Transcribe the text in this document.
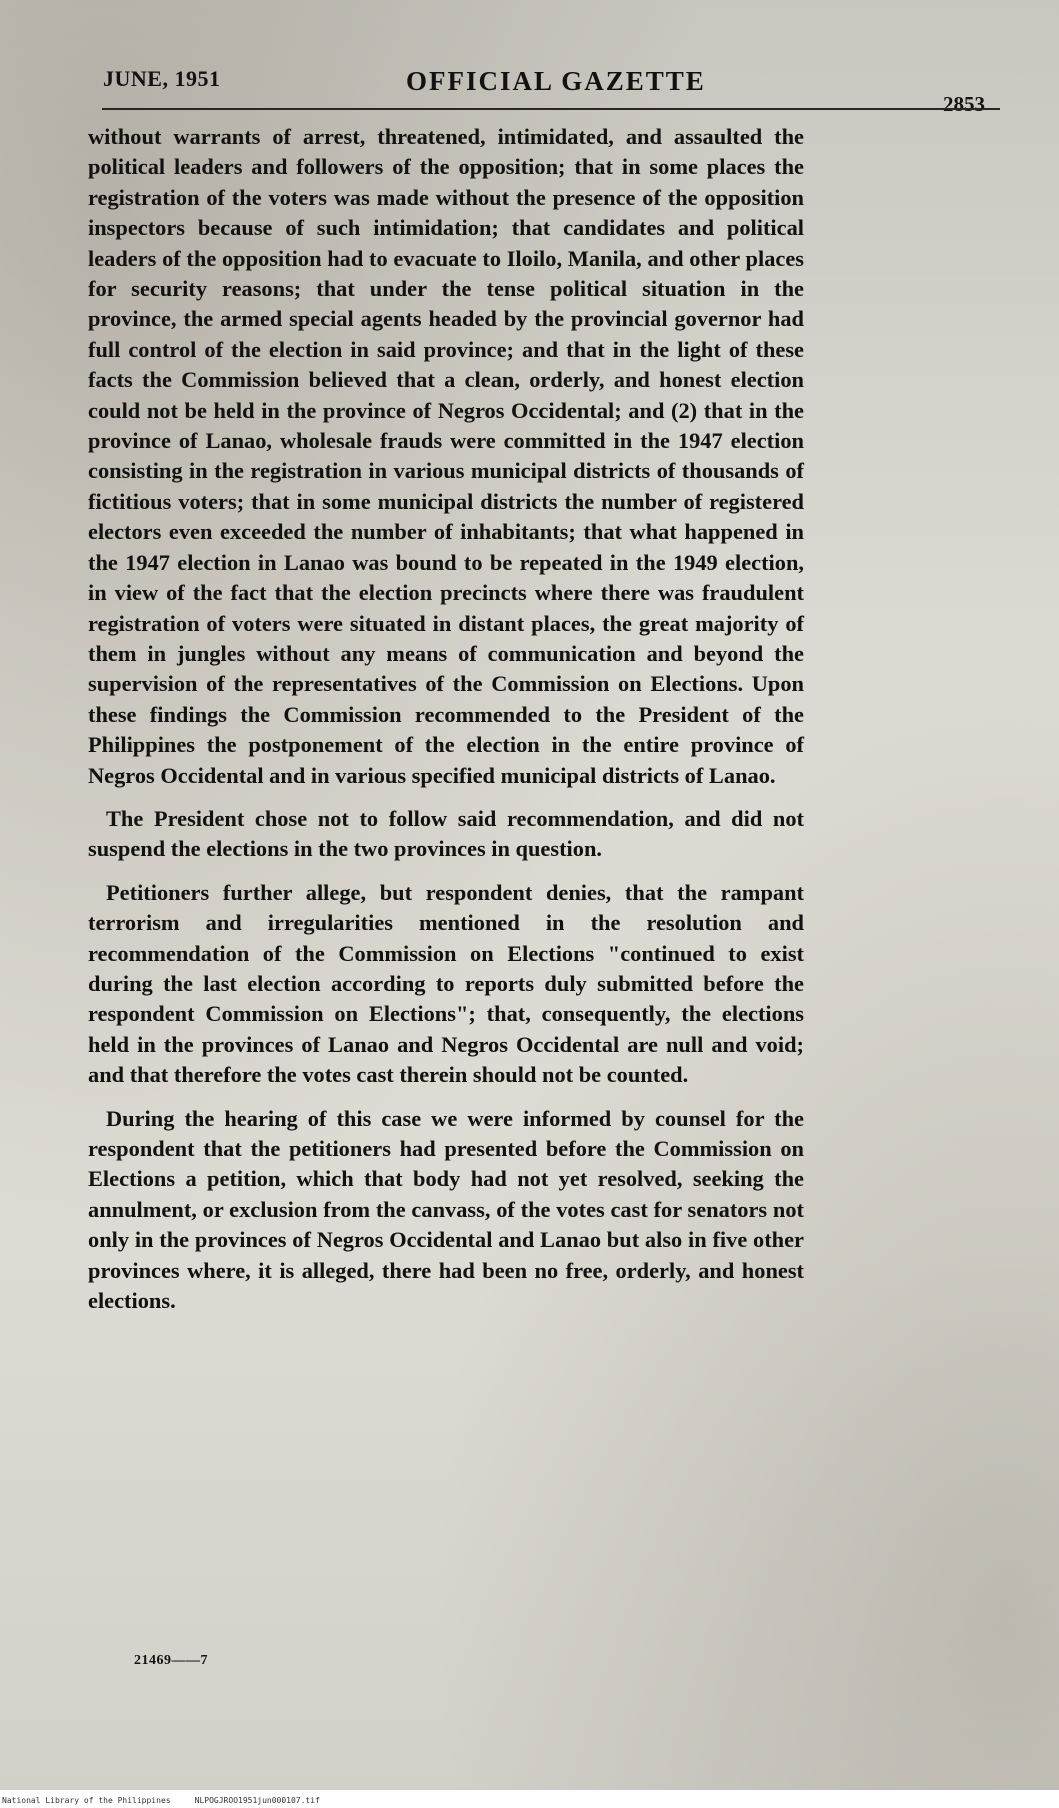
JUNE, 1951	OFFICIAL GAZETTE
2853

without warrants of arrest, threatened, intimidated, and assaulted the political leaders and followers of the opposition; that in some places the registration of the voters was made without the presence of the opposition inspectors because of such intimidation; that candidates and political leaders of the opposition had to evacuate to Iloilo, Manila, and other places for security reasons; that under the tense political situation in the province, the armed special agents headed by the provincial governor had full control of the election in said province; and that in the light of these facts the Commission believed that a clean, orderly, and honest election could not be held in the province of Negros Occidental; and (2) that in the province of Lanao, wholesale frauds were committed in the 1947 election consisting in the registration in various municipal districts of thousands of fictitious voters; that in some municipal districts the number of registered electors even exceeded the number of inhabitants; that what happened in the 1947 election in Lanao was bound to be repeated in the 1949 election, in view of the fact that the election precincts where there was fraudulent registration of voters were situated in distant places, the great majority of them in jungles without any means of communication and beyond the supervision of the representatives of the Commission on Elections. Upon these findings the Commission recommended to the President of the Philippines the postponement of the election in the entire province of Negros Occidental and in various specified municipal districts of Lanao.

The President chose not to follow said recommendation, and did not suspend the elections in the two provinces in question.

Petitioners further allege, but respondent denies, that the rampant terrorism and irregularities mentioned in the resolution and recommendation of the Commission on Elections "continued to exist during the last election according to reports duly submitted before the respondent Commission on Elections"; that, consequently, the elections held in the provinces of Lanao and Negros Occidental are null and void; and that therefore the votes cast therein should not be counted.

During the hearing of this case we were informed by counsel for the respondent that the petitioners had presented before the Commission on Elections a petition, which that body had not yet resolved, seeking the annulment, or exclusion from the canvass, of the votes cast for senators not only in the provinces of Negros Occidental and Lanao but also in five other provinces where, it is alleged, there had been no free, orderly, and honest elections.

21469——7
National Library of the Philippines     NLPOGJROO1951jun000107.tif
